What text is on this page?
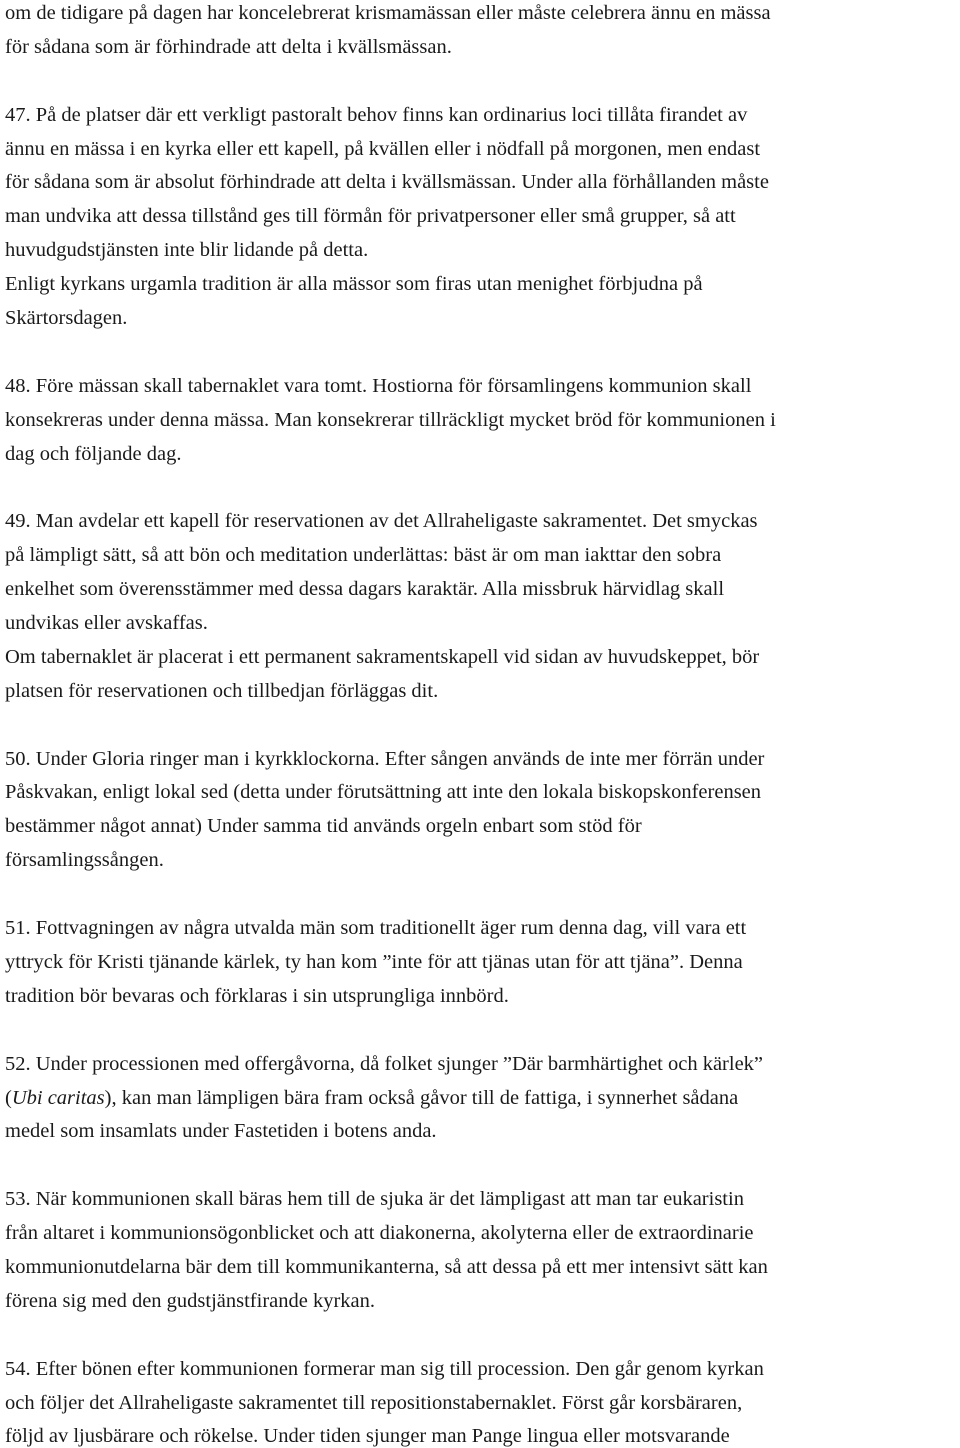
om de tidigare på dagen har koncelebrerat krismamässan eller måste celebrera ännu en mässa
för sådana som är förhindrade att delta i kvällsmässan.
47. På de platser där ett verkligt pastoralt behov finns kan ordinarius loci tillåta firandet av
ännu en mässa i en kyrka eller ett kapell, på kvällen eller i nödfall på morgonen, men endast
för sådana som är absolut förhindrade att delta i kvällsmässan. Under alla förhållanden måste
man undvika att dessa tillstånd ges till förmån för privatpersoner eller små grupper, så att
huvudgudstjänsten inte blir lidande på detta.
Enligt kyrkans urgamla tradition är alla mässor som firas utan menighet förbjudna på
Skärtorsdagen.
48. Före mässan skall tabernaklet vara tomt. Hostiorna för församlingens kommunion skall
konsekreras under denna mässa. Man konsekrerar tillräckligt mycket bröd för kommunionen i
dag och följande dag.
49. Man avdelar ett kapell för reservationen av det Allraheligaste sakramentet. Det smyckas
på lämpligt sätt, så att bön och meditation underlättas: bäst är om man iakttar den sobra
enkelhet som överensstämmer med dessa dagars karaktär. Alla missbruk härvidlag skall
undvikas eller avskaffas.
Om tabernaklet är placerat i ett permanent sakramentskapell vid sidan av huvudskeppet, bör
platsen för reservationen och tillbedjan förläggas dit.
50. Under Gloria ringer man i kyrkklockorna. Efter sången används de inte mer förrän under
Påskvakan, enligt lokal sed (detta under förutsättning att inte den lokala biskopskonferensen
bestämmer något annat) Under samma tid används orgeln enbart som stöd för
församlingssången.
51. Fottvagningen av några utvalda män som traditionellt äger rum denna dag, vill vara ett
yttryck för Kristi tjänande kärlek, ty han kom ”inte för att tjänas utan för att tjäna”. Denna
tradition bör bevaras och förklaras i sin utsprungliga innbörd.
52. Under processionen med offergåvorna, då folket sjunger ”Där barmhärtighet och kärlek”
(Ubi caritas), kan man lämpligen bära fram också gåvor till de fattiga, i synnerhet sådana
medel som insamlats under Fastetiden i botens anda.
53. När kommunionen skall bäras hem till de sjuka är det lämpligast att man tar eukaristin
från altaret i kommunionsögonblicket och att diakonerna, akolyterna eller de extraordinarie
kommunionutdelarna bär dem till kommunikanterna, så att dessa på ett mer intensivt sätt kan
förena sig med den gudstjänstfirande kyrkan.
54. Efter bönen efter kommunionen formerar man sig till procession. Den går genom kyrkan
och följer det Allraheligaste sakramentet till repositionstabernaklet. Först går korsbäraren,
följd av ljusbärare och rökelse. Under tiden sjunger man Pange lingua eller motsvarande
